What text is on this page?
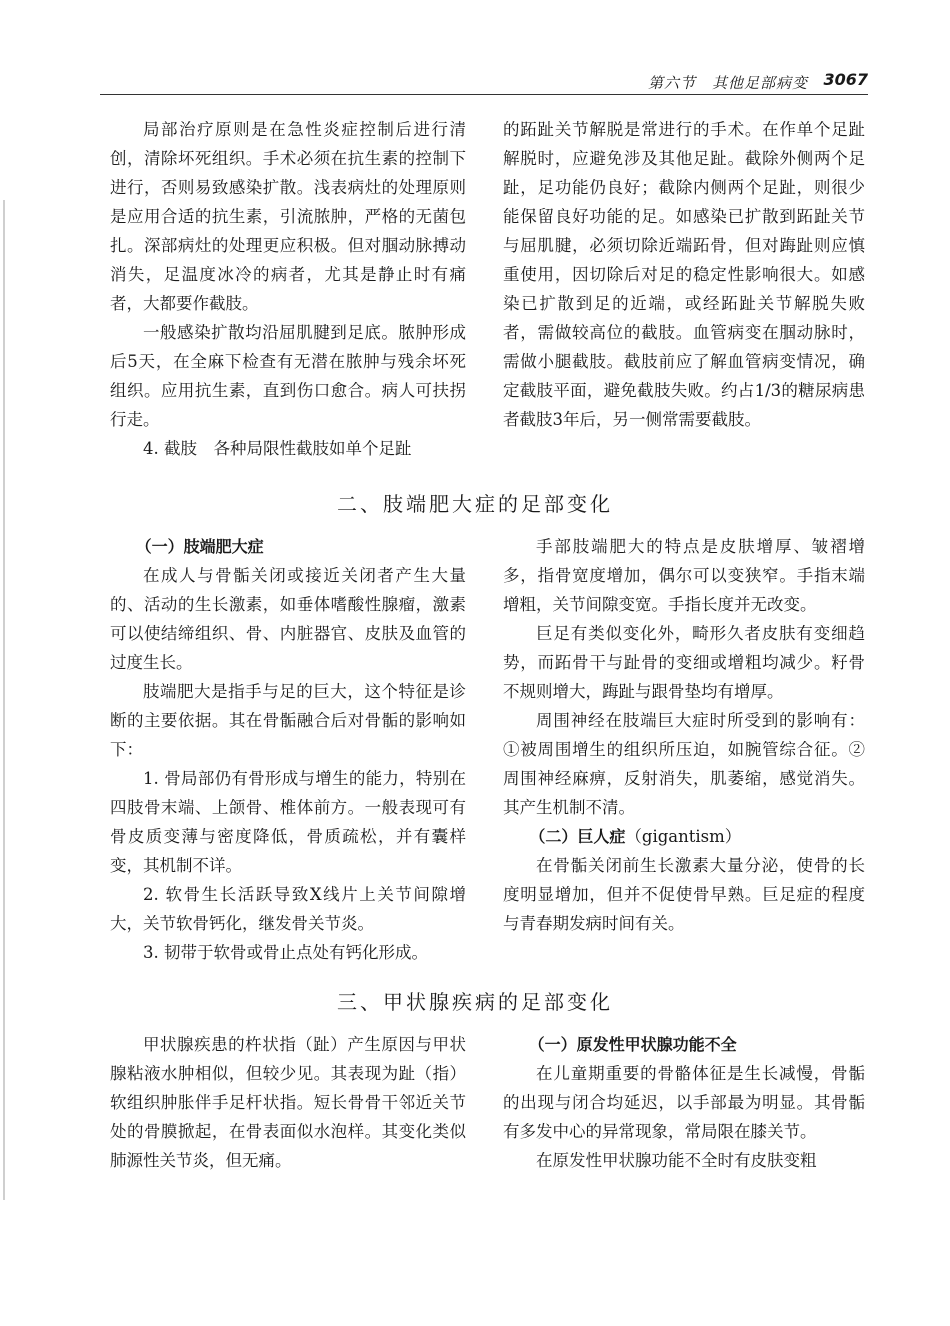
第六节　其他足部病变 3067

局部治疗原则是在急性炎症控制后进行清创，清除坏死组织。手术必须在抗生素的控制下进行，否则易致感染扩散。浅表病灶的处理原则是应用合适的抗生素，引流脓肿，严格的无菌包扎。深部病灶的处理更应积极。但对腘动脉搏动消失，足温度冰冷的病者，尤其是静止时有痛者，大都要作截肢。

一般感染扩散均沿屈肌腱到足底。脓肿形成后5天，在全麻下检查有无潜在脓肿与残余坏死组织。应用抗生素，直到伤口愈合。病人可扶拐行走。

4. 截肢　各种局限性截肢如单个足趾

的跖趾关节解脱是常进行的手术。在作单个足趾解脱时，应避免涉及其他足趾。截除外侧两个足趾，足功能仍良好；截除内侧两个足趾，则很少能保留良好功能的足。如感染已扩散到跖趾关节与屈肌腱，必须切除近端跖骨，但对踇趾则应慎重使用，因切除后对足的稳定性影响很大。如感染已扩散到足的近端，或经跖趾关节解脱失败者，需做较高位的截肢。血管病变在腘动脉时，需做小腿截肢。截肢前应了解血管病变情况，确定截肢平面，避免截肢失败。约占1/3的糖尿病患者截肢3年后，另一侧常需要截肢。

二、肢端肥大症的足部变化

（一）肢端肥大症

在成人与骨骺关闭或接近关闭者产生大量的、活动的生长激素，如垂体嗜酸性腺瘤，激素可以使结缔组织、骨、内脏器官、皮肤及血管的过度生长。

肢端肥大是指手与足的巨大，这个特征是诊断的主要依据。其在骨骺融合后对骨骺的影响如下：

1. 骨局部仍有骨形成与增生的能力，特别在四肢骨末端、上颌骨、椎体前方。一般表现可有骨皮质变薄与密度降低，骨质疏松，并有囊样变，其机制不详。

2. 软骨生长活跃导致X线片上关节间隙增大，关节软骨钙化，继发骨关节炎。

3. 韧带于软骨或骨止点处有钙化形成。

手部肢端肥大的特点是皮肤增厚、皱褶增多，指骨宽度增加，偶尔可以变狭窄。手指末端增粗，关节间隙变宽。手指长度并无改变。

巨足有类似变化外，畸形久者皮肤有变细趋势，而跖骨干与趾骨的变细或增粗均减少。籽骨不规则增大，踇趾与跟骨垫均有增厚。

周围神经在肢端巨大症时所受到的影响有：①被周围增生的组织所压迫，如腕管综合征。②周围神经麻痹，反射消失，肌萎缩，感觉消失。其产生机制不清。

（二）巨人症（gigantism）

在骨骺关闭前生长激素大量分泌，使骨的长度明显增加，但并不促使骨早熟。巨足症的程度与青春期发病时间有关。

三、甲状腺疾病的足部变化

甲状腺疾患的杵状指（趾）产生原因与甲状腺粘液水肿相似，但较少见。其表现为趾（指）软组织肿胀伴手足杆状指。短长骨骨干邻近关节处的骨膜掀起，在骨表面似水泡样。其变化类似肺源性关节炎，但无痛。

（一）原发性甲状腺功能不全

在儿童期重要的骨骼体征是生长减慢，骨骺的出现与闭合均延迟，以手部最为明显。其骨骺有多发中心的异常现象，常局限在膝关节。

在原发性甲状腺功能不全时有皮肤变粗
